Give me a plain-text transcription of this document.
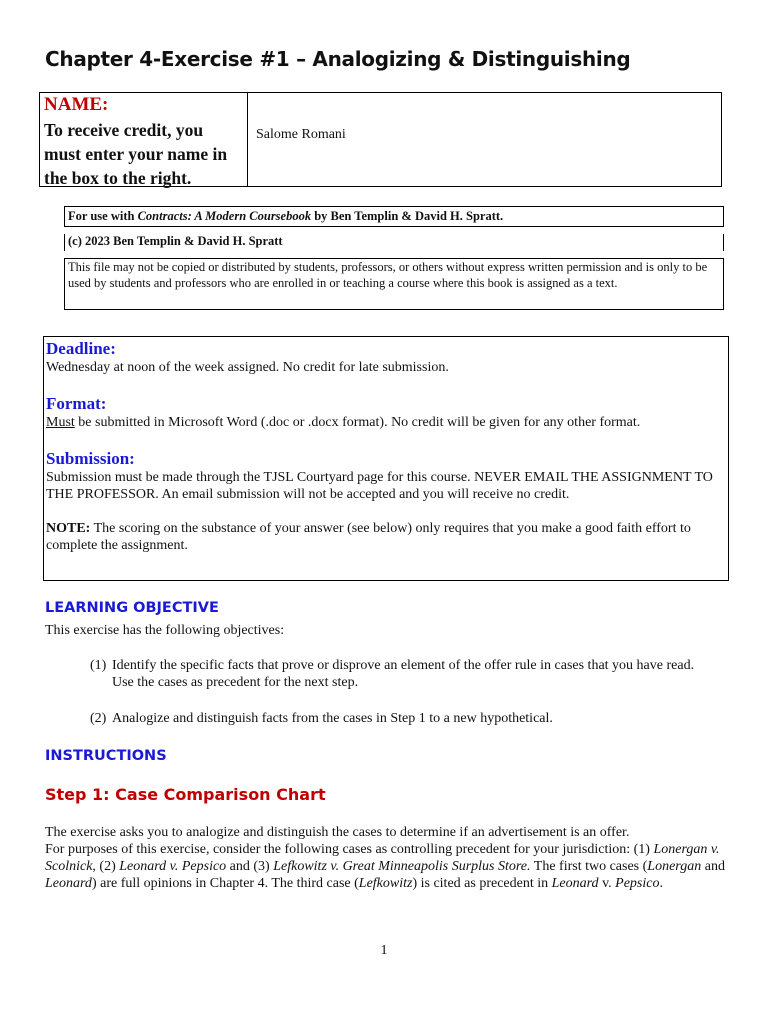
Chapter 4-Exercise #1 – Analogizing & Distinguishing
NAME:
To receive credit, you must enter your name in the box to the right.
Salome Romani
For use with Contracts: A Modern Coursebook by Ben Templin & David H. Spratt.
(c) 2023 Ben Templin & David H. Spratt
This file may not be copied or distributed by students, professors, or others without express written permission and is only to be used by students and professors who are enrolled in or teaching a course where this book is assigned as a text.

Deadline:

Wednesday at noon of the week assigned. No credit for late submission.

Format:

Must be submitted in Microsoft Word (.doc or .docx format). No credit will be given for any other format.

Submission:

Submission must be made through the TJSL Courtyard page for this course. NEVER EMAIL THE ASSIGNMENT TO THE PROFESSOR. An email submission will not be accepted and you will receive no credit.

NOTE: The scoring on the substance of your answer (see below) only requires that you make a good faith effort to complete the assignment.

LEARNING OBJECTIVE

This exercise has the following objectives:

(1) Identify the specific facts that prove or disprove an element of the offer rule in cases that you have read. Use the cases as precedent for the next step.
(2) Analogize and distinguish facts from the cases in Step 1 to a new hypothetical.

INSTRUCTIONS

Step 1: Case Comparison Chart

The exercise asks you to analogize and distinguish the cases to determine if an advertisement is an offer.
For purposes of this exercise, consider the following cases as controlling precedent for your jurisdiction: (1) Lonergan v. Scolnick, (2) Leonard v. Pepsico and (3) Lefkowitz v. Great Minneapolis Surplus Store. The first two cases (Lonergan and Leonard) are full opinions in Chapter 4. The third case (Lefkowitz) is cited as precedent in Leonard v. Pepsico.
1
